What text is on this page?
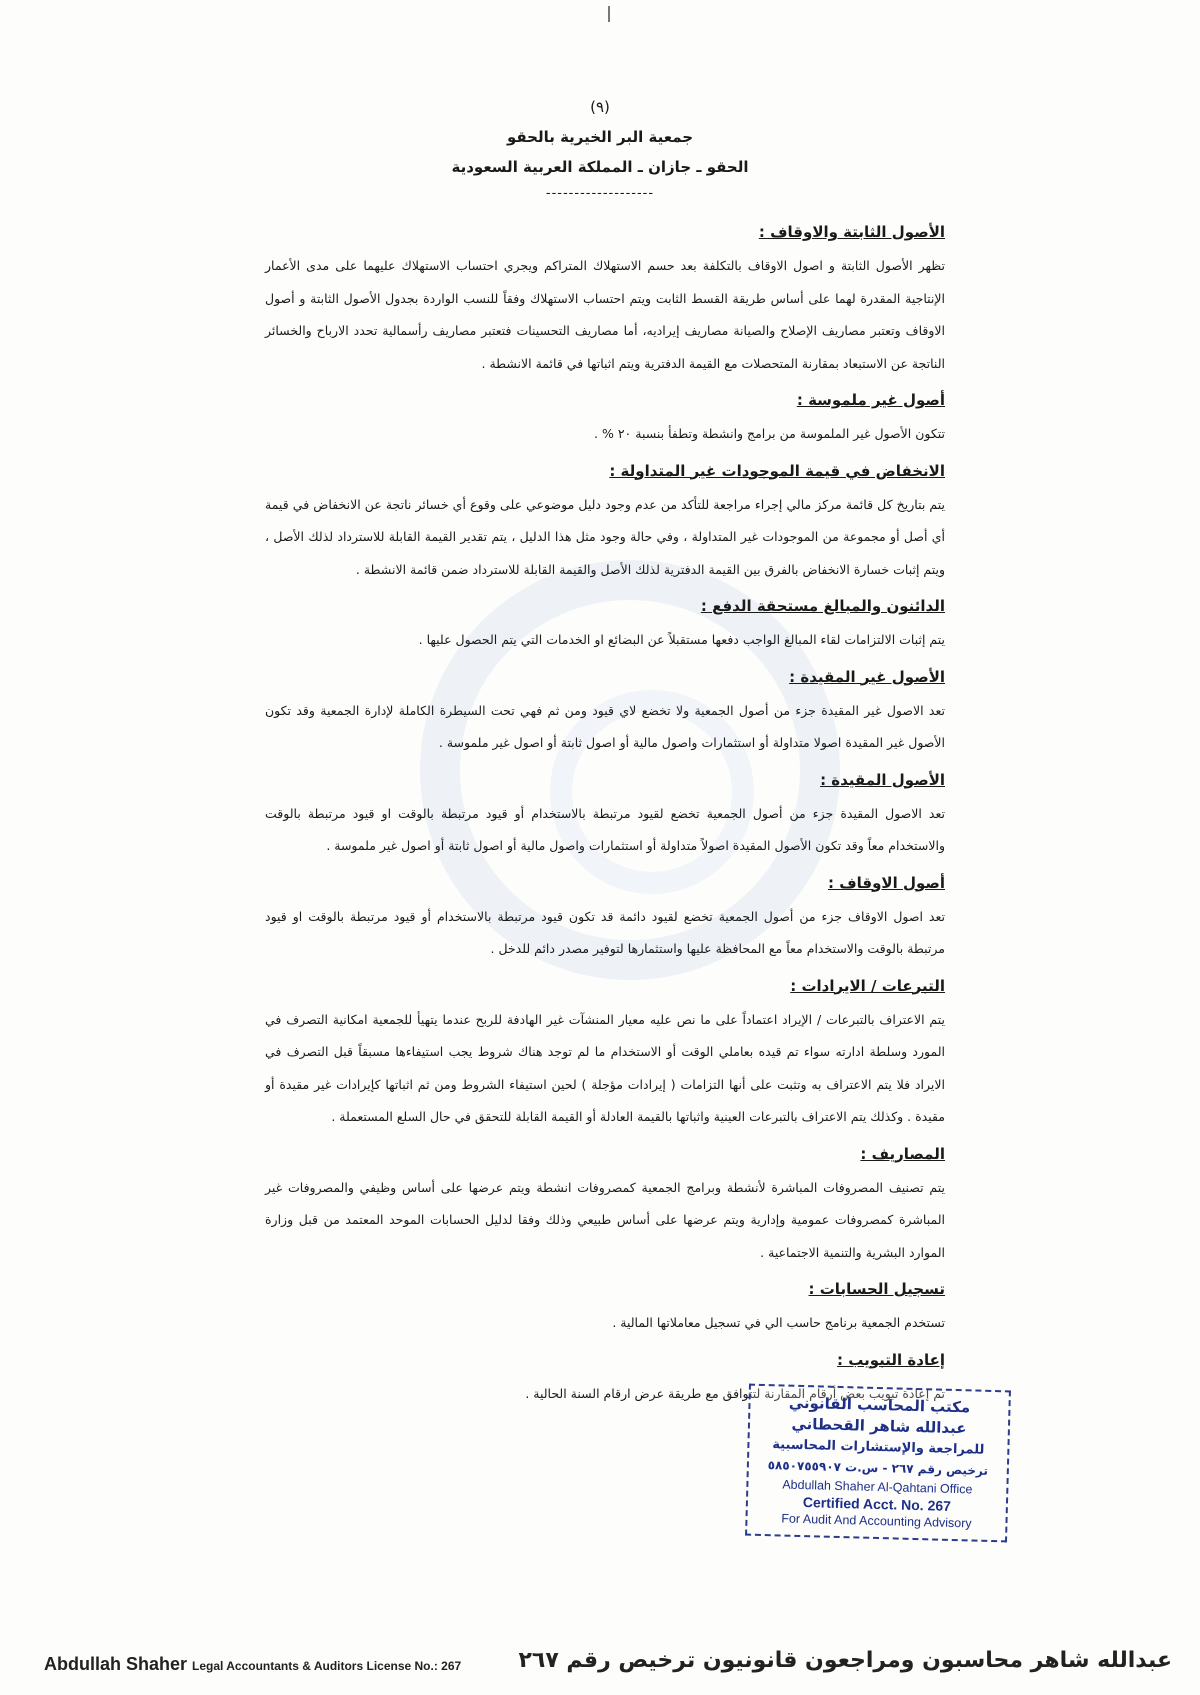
(٩)
جمعية البر الخيرية بالحقو
الحقو ـ جازان ـ المملكة العربية السعودية
-------------------
الأصول الثابتة والاوقاف :
تظهر الأصول الثابتة و اصول الاوقاف بالتكلفة بعد حسم الاستهلاك المتراكم ويجري احتساب الاستهلاك عليهما على مدى الأعمار الإنتاجية المقدرة لهما على أساس طريقة القسط الثابت ويتم احتساب الاستهلاك وفقاً للنسب الواردة بجدول الأصول الثابتة و أصول الاوقاف وتعتبر مصاريف الإصلاح والصيانة مصاريف إيراديه، أما مصاريف التحسينات فتعتبر مصاريف رأسمالية تحدد الارباح والخسائر الناتجة عن الاستبعاد بمقارنة المتحصلات مع القيمة الدفترية ويتم اثباتها في قائمة الانشطة .
أصول غير ملموسة :
تتكون الأصول غير الملموسة من برامج وانشطة وتطفأ بنسبة ٢٠ % .
الانخفاض في قيمة الموجودات غير المتداولة :
يتم بتاريخ كل قائمة مركز مالي إجراء مراجعة للتأكد من عدم وجود دليل موضوعي على وقوع أي خسائر ناتجة عن الانخفاض في قيمة أي أصل أو مجموعة من الموجودات غير المتداولة ، وفي حالة وجود مثل هذا الدليل ، يتم تقدير القيمة القابلة للاسترداد لذلك الأصل ، ويتم إثبات خسارة الانخفاض بالفرق بين القيمة الدفترية لذلك الأصل والقيمة القابلة للاسترداد ضمن قائمة الانشطة .
الدائنون والمبالغ مستحقة الدفع :
يتم إثبات الالتزامات لقاء المبالغ الواجب دفعها مستقبلاً عن البضائع او الخدمات التي يتم الحصول عليها .
الأصول غير المقيدة :
تعد الاصول غير المقيدة جزء من أصول الجمعية ولا تخضع لاي قيود ومن ثم فهي تحت السيطرة الكاملة لإدارة الجمعية وقد تكون الأصول غير المقيدة اصولا متداولة أو استثمارات واصول مالية أو اصول ثابتة أو اصول غير ملموسة .
الأصول المقيدة :
تعد الاصول المقيدة جزء من أصول الجمعية تخضع لقيود مرتبطة بالاستخدام أو قيود مرتبطة بالوقت او قيود مرتبطة بالوقت والاستخدام معاً وقد تكون الأصول المقيدة اصولاً متداولة أو استثمارات واصول مالية أو اصول ثابتة أو اصول غير ملموسة .
أصول الاوقاف :
تعد اصول الاوقاف جزء من أصول الجمعية تخضع لقيود دائمة قد تكون قيود مرتبطة بالاستخدام أو قيود مرتبطة بالوقت او قيود مرتبطة بالوقت والاستخدام معاً مع المحافظة عليها واستثمارها لتوفير مصدر دائم للدخل .
التبرعات / الايرادات :
يتم الاعتراف بالتبرعات / الإيراد اعتماداً على ما نص عليه معيار المنشآت غير الهادفة للربح عندما يتهيأ للجمعية امكانية التصرف في المورد وسلطة ادارته سواء تم قيده بعاملي الوقت أو الاستخدام ما لم توجد هناك شروط يجب استيفاءها مسبقاً قبل التصرف في الايراد فلا يتم الاعتراف به وتثبت على أنها التزامات ( إيرادات مؤجلة ) لحين استيفاء الشروط ومن ثم اثباتها كإيرادات غير مقيدة أو مقيدة . وكذلك يتم الاعتراف بالتبرعات العينية واثباتها بالقيمة العادلة أو القيمة القابلة للتحقق في حال السلع المستعملة .
المصاريف :
يتم تصنيف المصروفات المباشرة لأنشطة وبرامج الجمعية كمصروفات انشطة ويتم عرضها على أساس وظيفي والمصروفات غير المباشرة كمصروفات عمومية وإدارية ويتم عرضها على أساس طبيعي وذلك وفقا لدليل الحسابات الموحد المعتمد من قبل وزارة الموارد البشرية والتنمية الاجتماعية .
تسجيل الحسابات :
تستخدم الجمعية برنامج حاسب الي في تسجيل معاملاتها المالية .
إعادة التبويب :
تم إعادة تبويب بعض أرقام المقارنة لتتوافق مع طريقة عرض ارقام السنة الحالية .
مكتب المحاسب القانوني
عبدالله شاهر القحطاني
للمراجعة والإستشارات المحاسبية
ترخيص رقم ٢٦٧ - س.ت ٥٨٥٠٧٥٥٩٠٧
Abdullah Shaher Al-Qahtani Office
Certified Acct. No. 267
For Audit And Accounting Advisory
Abdullah Shaher Legal Accountants & Auditors License No.: 267	عبدالله شاهر محاسبون ومراجعون قانونيون ترخيص رقم ٢٦٧
